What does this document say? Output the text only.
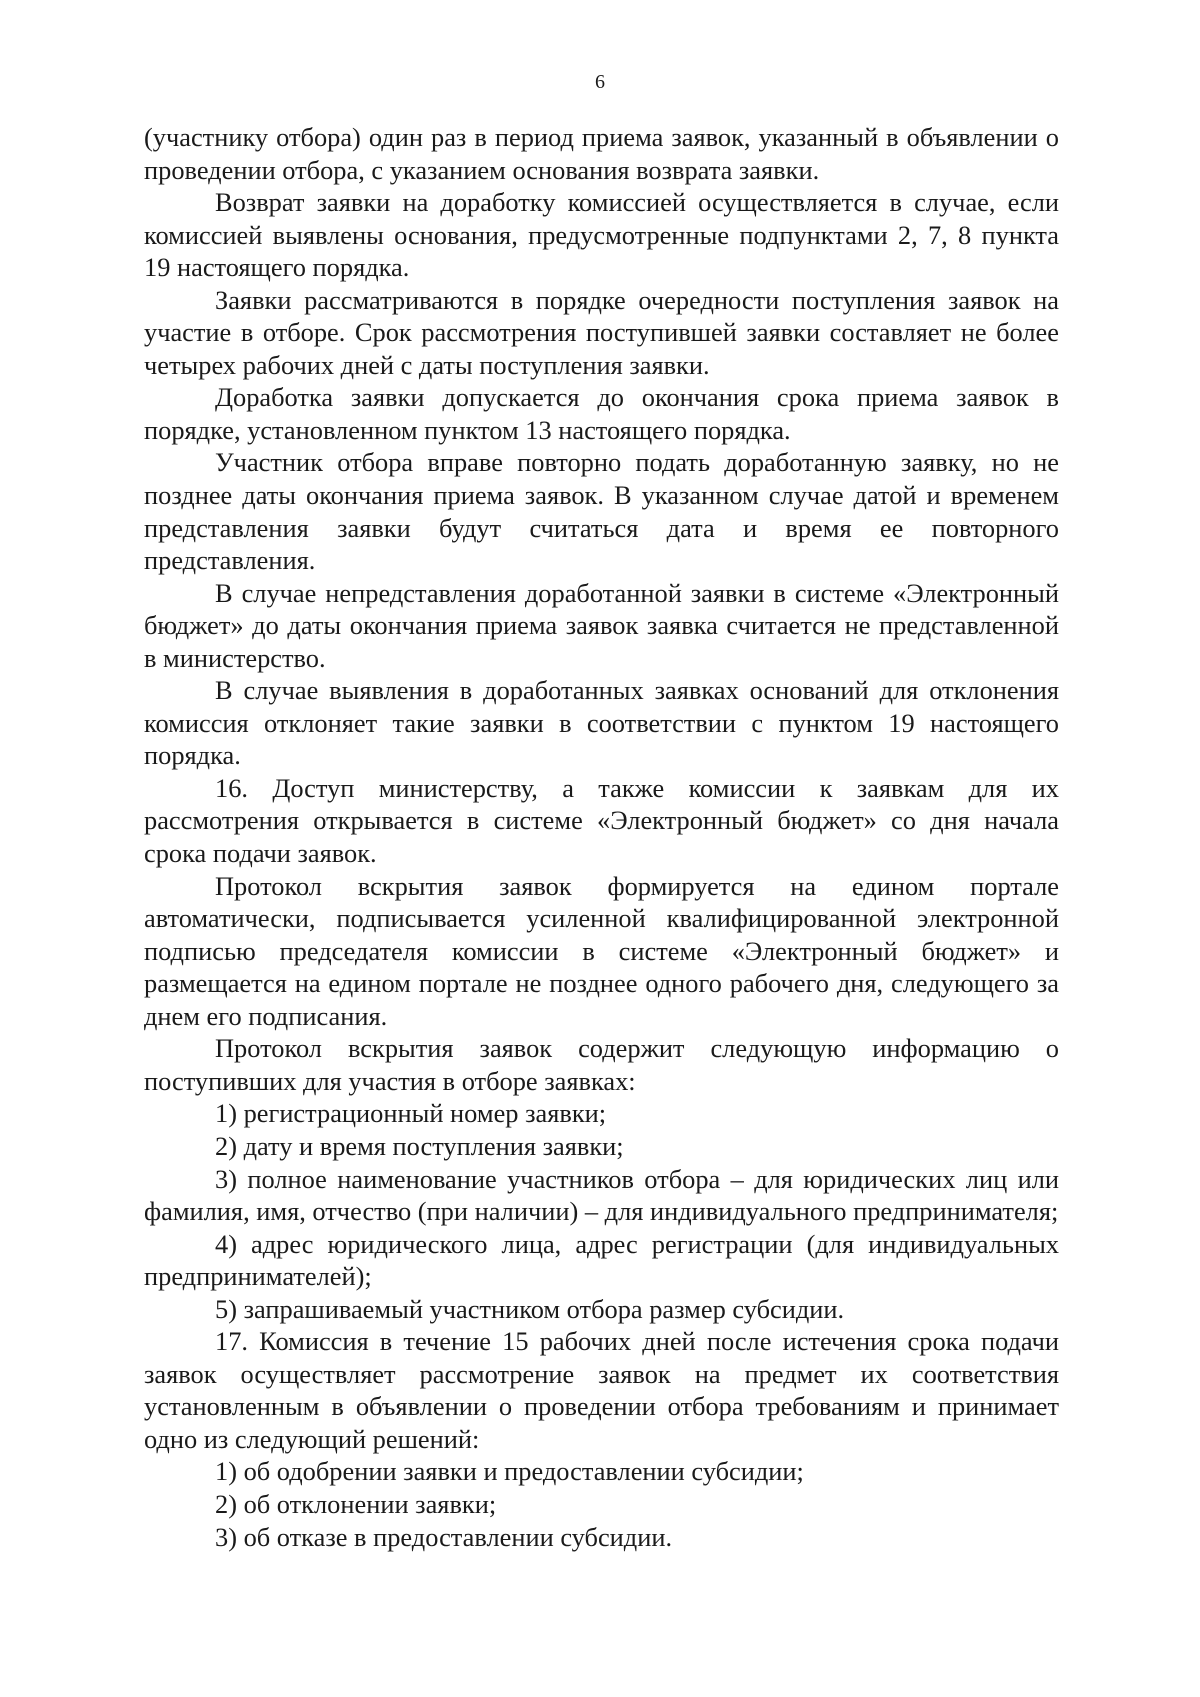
6

(участнику отбора) один раз в период приема заявок, указанный в объявлении о проведении отбора, с указанием основания возврата заявки.

Возврат заявки на доработку комиссией осуществляется в случае, если комиссией выявлены основания, предусмотренные подпунктами 2, 7, 8 пункта 19 настоящего порядка.

Заявки рассматриваются в порядке очередности поступления заявок на участие в отборе. Срок рассмотрения поступившей заявки составляет не более четырех рабочих дней с даты поступления заявки.

Доработка заявки допускается до окончания срока приема заявок в порядке, установленном пунктом 13 настоящего порядка.

Участник отбора вправе повторно подать доработанную заявку, но не позднее даты окончания приема заявок. В указанном случае датой и временем представления заявки будут считаться дата и время ее повторного представления.

В случае непредставления доработанной заявки в системе «Электронный бюджет» до даты окончания приема заявок заявка считается не представленной в министерство.

В случае выявления в доработанных заявках оснований для отклонения комиссия отклоняет такие заявки в соответствии с пунктом 19 настоящего порядка.

16. Доступ министерству, а также комиссии к заявкам для их рассмотрения открывается в системе «Электронный бюджет» со дня начала срока подачи заявок.

Протокол вскрытия заявок формируется на едином портале автоматически, подписывается усиленной квалифицированной электронной подписью председателя комиссии в системе «Электронный бюджет» и размещается на едином портале не позднее одного рабочего дня, следующего за днем его подписания.

Протокол вскрытия заявок содержит следующую информацию о поступивших для участия в отборе заявках:

1) регистрационный номер заявки;

2) дату и время поступления заявки;

3) полное наименование участников отбора – для юридических лиц или фамилия, имя, отчество (при наличии) – для индивидуального предпринимателя;

4) адрес юридического лица, адрес регистрации (для индивидуальных предпринимателей);

5) запрашиваемый участником отбора размер субсидии.

17. Комиссия в течение 15 рабочих дней после истечения срока подачи заявок осуществляет рассмотрение заявок на предмет их соответствия установленным в объявлении о проведении отбора требованиям и принимает одно из следующий решений:

1) об одобрении заявки и предоставлении субсидии;

2) об отклонении заявки;

3) об отказе в предоставлении субсидии.
